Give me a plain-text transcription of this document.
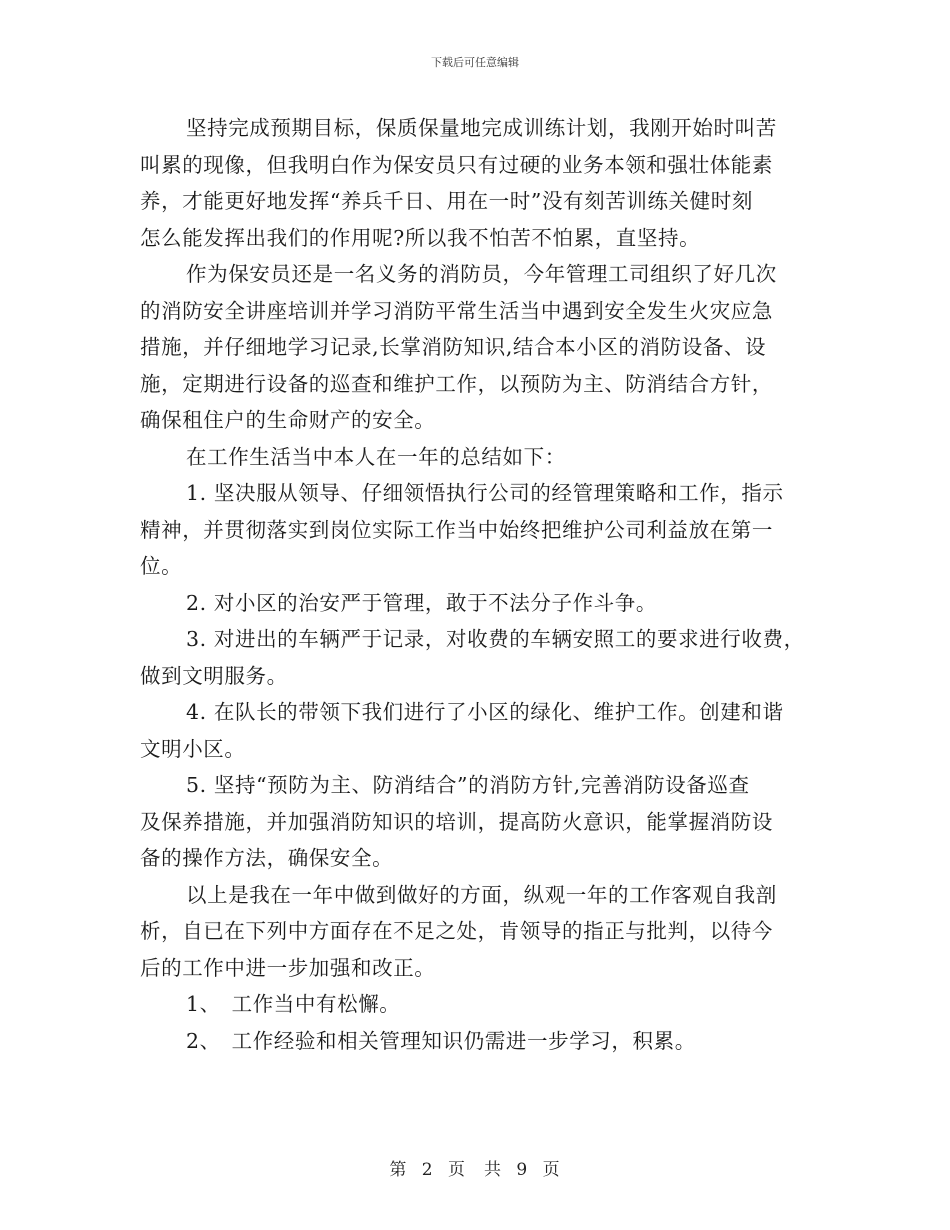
下载后可任意编辑

坚持完成预期目标，保质保量地完成训练计划，我刚开始时叫苦
叫累的现像，但我明白作为保安员只有过硬的业务本领和强壮体能素
养，才能更好地发挥“养兵千日、用在一时”没有刻苦训练关健时刻
怎么能发挥出我们的作用呢?所以我不怕苦不怕累，直坚持。

作为保安员还是一名义务的消防员，今年管理工司组织了好几次
的消防安全讲座培训并学习消防平常生活当中遇到安全发生火灾应急
措施，并仔细地学习记录,长掌消防知识,结合本小区的消防设备、设
施，定期进行设备的巡查和维护工作，以预防为主、防消结合方针，
确保租住户的生命财产的安全。

在工作生活当中本人在一年的总结如下：

1. 坚决服从领导、仔细领悟执行公司的经管理策略和工作，指示
精神，并贯彻落实到岗位实际工作当中始终把维护公司利益放在第一
位。

2. 对小区的治安严于管理，敢于不法分子作斗争。

3. 对进出的车辆严于记录，对收费的车辆安照工的要求进行收费，
做到文明服务。

4. 在队长的带领下我们进行了小区的绿化、维护工作。创建和谐
文明小区。

5. 坚持“预防为主、防消结合”的消防方针,完善消防设备巡查
及保养措施，并加强消防知识的培训，提高防火意识，能掌握消防设
备的操作方法，确保安全。

以上是我在一年中做到做好的方面，纵观一年的工作客观自我剖
析，自已在下列中方面存在不足之处，肯领导的指正与批判，以待今
后的工作中进一步加强和改正。

1、　工作当中有松懈。

2、　工作经验和相关管理知识仍需进一步学习，积累。

第 2 页　共 9 页
